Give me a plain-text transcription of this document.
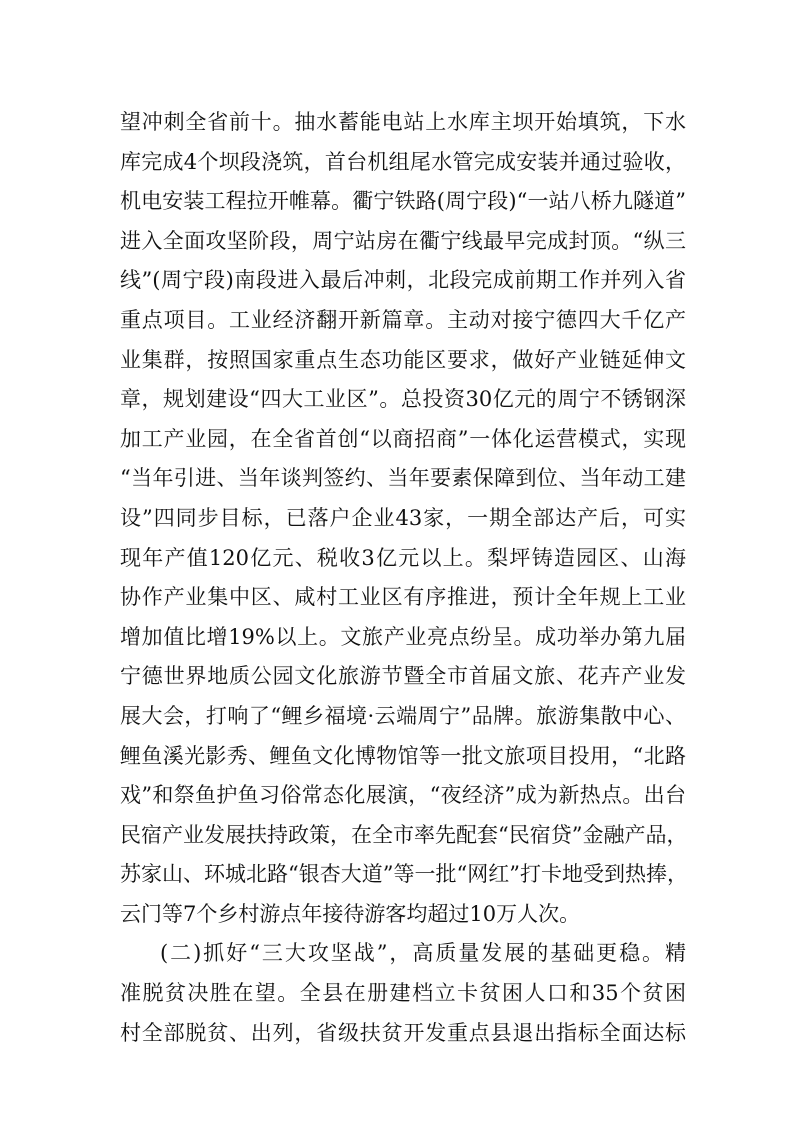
望冲刺全省前十。抽水蓄能电站上水库主坝开始填筑，下水
库完成4个坝段浇筑，首台机组尾水管完成安装并通过验收，
机电安装工程拉开帷幕。衢宁铁路(周宁段)“一站八桥九隧道”
进入全面攻坚阶段，周宁站房在衢宁线最早完成封顶。“纵三
线”(周宁段)南段进入最后冲刺，北段完成前期工作并列入省
重点项目。工业经济翻开新篇章。主动对接宁德四大千亿产
业集群，按照国家重点生态功能区要求，做好产业链延伸文
章，规划建设“四大工业区”。总投资30亿元的周宁不锈钢深
加工产业园，在全省首创“以商招商”一体化运营模式，实现
“当年引进、当年谈判签约、当年要素保障到位、当年动工建
设”四同步目标，已落户企业43家，一期全部达产后，可实
现年产值120亿元、税收3亿元以上。梨坪铸造园区、山海
协作产业集中区、咸村工业区有序推进，预计全年规上工业
增加值比增19%以上。文旅产业亮点纷呈。成功举办第九届
宁德世界地质公园文化旅游节暨全市首届文旅、花卉产业发
展大会，打响了“鲤乡福境·云端周宁”品牌。旅游集散中心、
鲤鱼溪光影秀、鲤鱼文化博物馆等一批文旅项目投用，“北路
戏”和祭鱼护鱼习俗常态化展演，“夜经济”成为新热点。出台
民宿产业发展扶持政策，在全市率先配套“民宿贷”金融产品，
苏家山、环城北路“银杏大道”等一批“网红”打卡地受到热捧，
云门等7个乡村游点年接待游客均超过10万人次。
(二)抓好“三大攻坚战”，高质量发展的基础更稳。精
准脱贫决胜在望。全县在册建档立卡贫困人口和35个贫困
村全部脱贫、出列，省级扶贫开发重点县退出指标全面达标
